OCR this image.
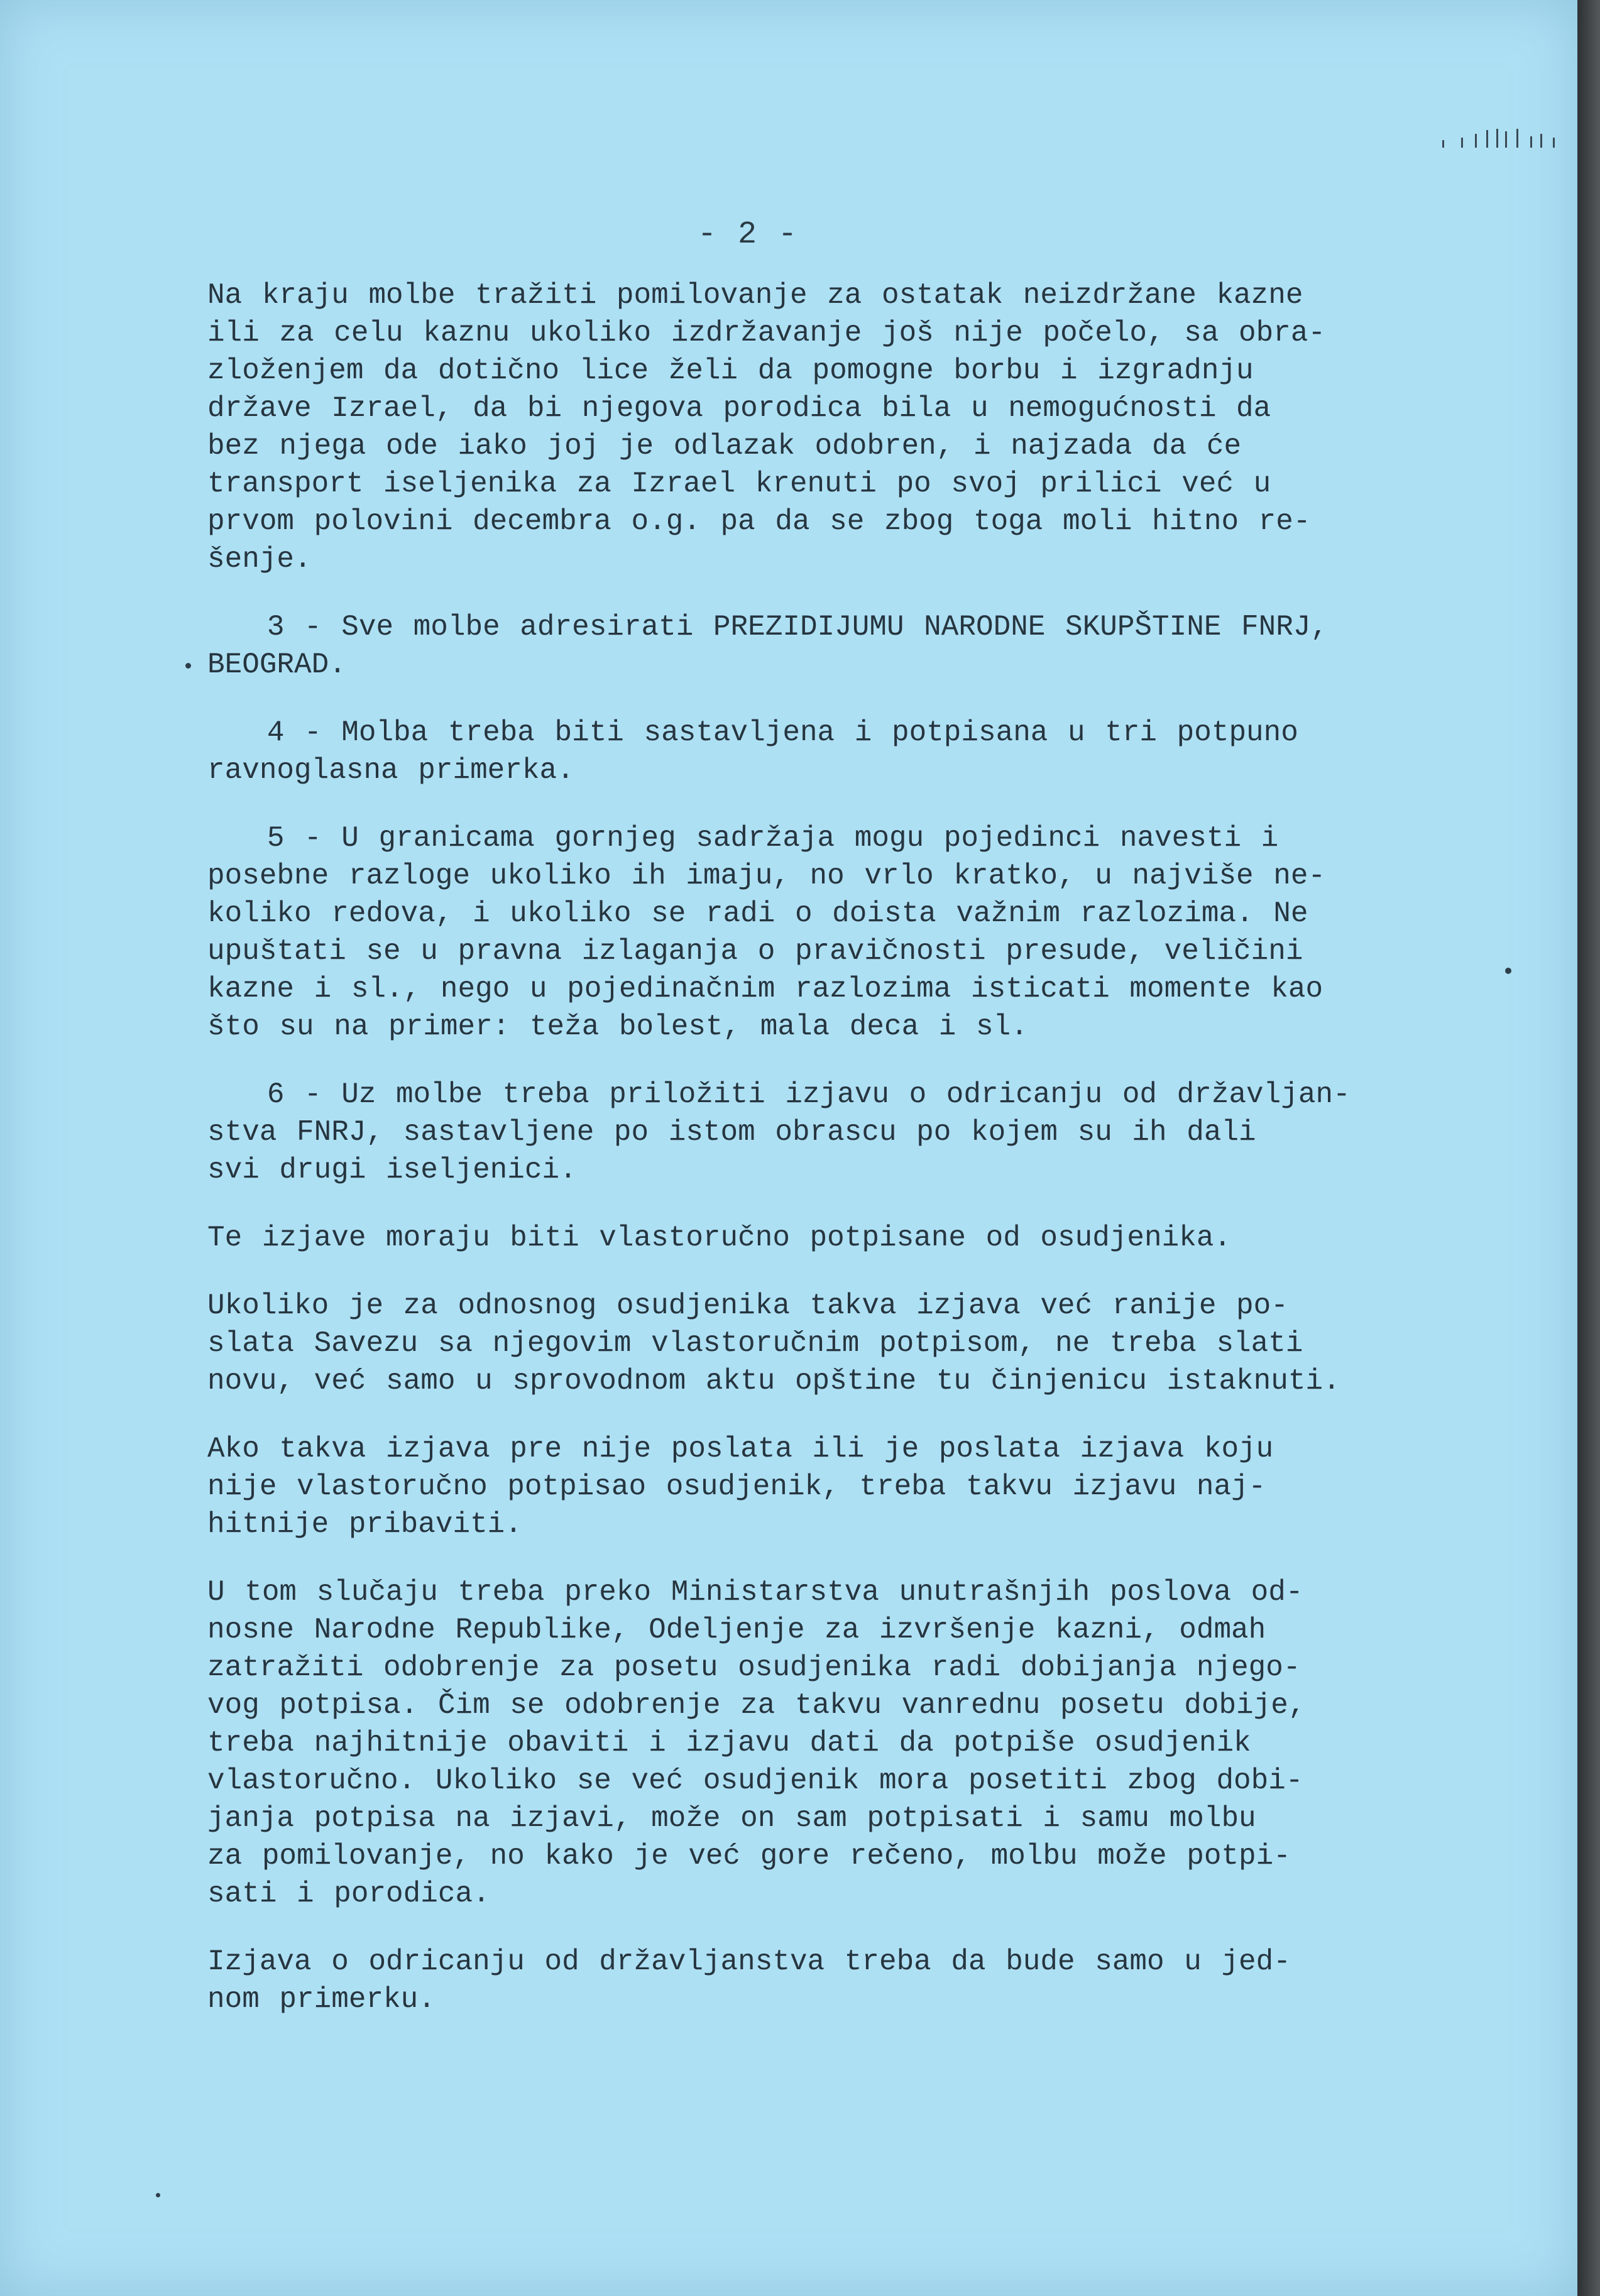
- 2 -

Na kraju molbe tražiti pomilovanje za ostatak neizdržane kazne
ili za celu kaznu ukoliko izdržavanje još nije počelo, sa obra-
zloženjem da dotično lice želi da pomogne borbu i izgradnju
države Izrael, da bi njegova porodica bila u nemogućnosti da
bez njega ode iako joj je odlazak odobren, i najzada da će
transport iseljenika za Izrael krenuti po svoj prilici već u
prvom polovini decembra o.g. pa da se zbog toga moli hitno re-
šenje.

3 - Sve molbe adresirati PREZIDIJUMU NARODNE SKUPŠTINE FNRJ,
BEOGRAD.

4 - Molba treba biti sastavljena i potpisana u tri potpuno
ravnoglasna primerka.

5 - U granicama gornjeg sadržaja mogu pojedinci navesti i
posebne razloge ukoliko ih imaju, no vrlo kratko, u najviše ne-
koliko redova, i ukoliko se radi o doista važnim razlozima. Ne
upuštati se u pravna izlaganja o pravičnosti presude, veličini
kazne i sl., nego u pojedinačnim razlozima isticati momente kao
što su na primer: teža bolest, mala deca i sl.

6 - Uz molbe treba priložiti izjavu o odricanju od državljan-
stva FNRJ, sastavljene po istom obrascu po kojem su ih dali
svi drugi iseljenici.

Te izjave moraju biti vlastoručno potpisane od osudjenika.

Ukoliko je za odnosnog osudjenika takva izjava već ranije po-
slata Savezu sa njegovim vlastoručnim potpisom, ne treba slati
novu, već samo u sprovodnom aktu opštine tu činjenicu istaknuti.

Ako takva izjava pre nije poslata ili je poslata izjava koju
nije vlastoručno potpisao osudjenik, treba takvu izjavu naj-
hitnije pribaviti.

U tom slučaju treba preko Ministarstva unutrašnjih poslova od-
nosne Narodne Republike, Odeljenje za izvršenje kazni, odmah
zatražiti odobrenje za posetu osudjenika radi dobijanja njego-
vog potpisa. Čim se odobrenje za takvu vanrednu posetu dobije,
treba najhitnije obaviti i izjavu dati da potpiše osudjenik
vlastoručno. Ukoliko se već osudjenik mora posetiti zbog dobi-
janja potpisa na izjavi, može on sam potpisati i samu molbu
za pomilovanje, no kako je već gore rečeno, molbu može potpi-
sati i porodica.

Izjava o odricanju od državljanstva treba da bude samo u jed-
nom primerku.
